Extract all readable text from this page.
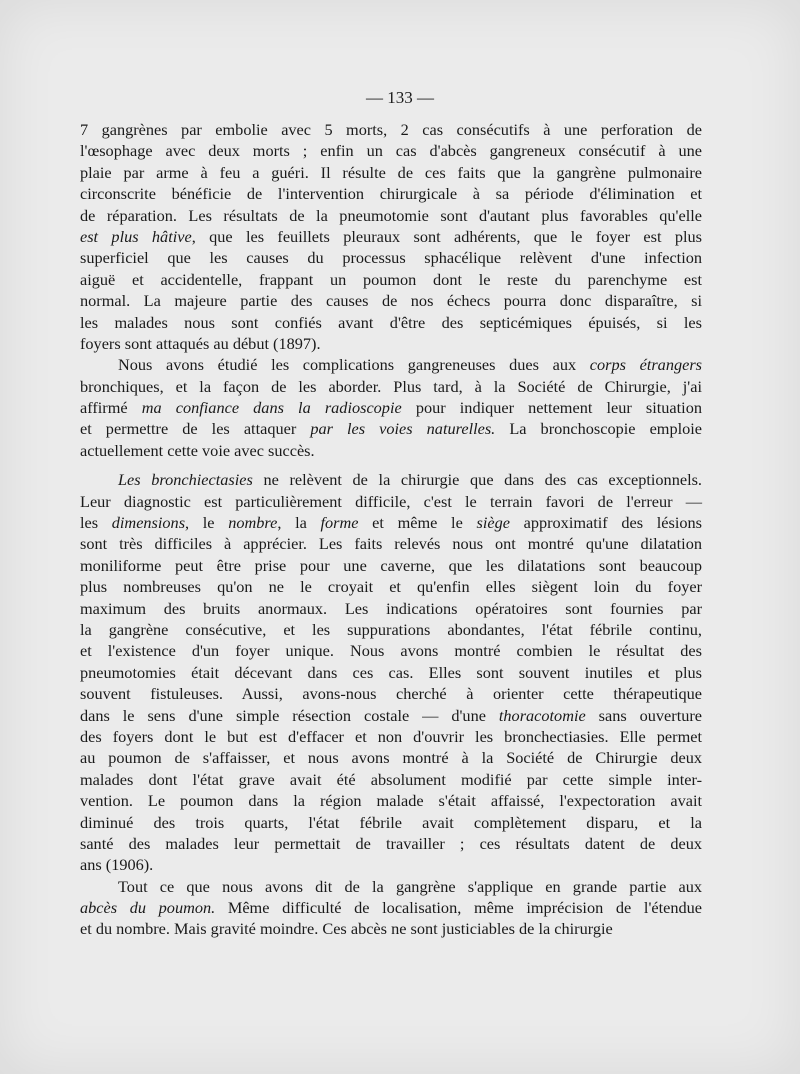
— 133 —
7 gangrènes par embolie avec 5 morts, 2 cas consécutifs à une perforation de
l'œsophage avec deux morts ; enfin un cas d'abcès gangreneux consécutif à une
plaie par arme à feu a guéri. Il résulte de ces faits que la gangrène pulmonaire
circonscrite bénéficie de l'intervention chirurgicale à sa période d'élimination et
de réparation. Les résultats de la pneumotomie sont d'autant plus favorables qu'elle
est plus hâtive, que les feuillets pleuraux sont adhérents, que le foyer est plus
superficiel que les causes du processus sphacélique relèvent d'une infection
aiguë et accidentelle, frappant un poumon dont le reste du parenchyme est
normal. La majeure partie des causes de nos échecs pourra donc disparaître, si
les malades nous sont confiés avant d'être des septicémiques épuisés, si les
foyers sont attaqués au début (1897).
Nous avons étudié les complications gangreneuses dues aux corps étrangers
bronchiques, et la façon de les aborder. Plus tard, à la Société de Chirurgie, j'ai
affirmé ma confiance dans la radioscopie pour indiquer nettement leur situation
et permettre de les attaquer par les voies naturelles. La bronchoscopie emploie
actuellement cette voie avec succès.
Les bronchiectasies ne relèvent de la chirurgie que dans des cas exceptionnels.
Leur diagnostic est particulièrement difficile, c'est le terrain favori de l'erreur —
les dimensions, le nombre, la forme et même le siège approximatif des lésions
sont très difficiles à apprécier. Les faits relevés nous ont montré qu'une dilatation
moniliforme peut être prise pour une caverne, que les dilatations sont beaucoup
plus nombreuses qu'on ne le croyait et qu'enfin elles siègent loin du foyer
maximum des bruits anormaux. Les indications opératoires sont fournies par
la gangrène consécutive, et les suppurations abondantes, l'état fébrile continu,
et l'existence d'un foyer unique. Nous avons montré combien le résultat des
pneumotomies était décevant dans ces cas. Elles sont souvent inutiles et plus
souvent fistuleuses. Aussi, avons-nous cherché à orienter cette thérapeutique
dans le sens d'une simple résection costale — d'une thoracotomie sans ouverture
des foyers dont le but est d'effacer et non d'ouvrir les bronchectiasies. Elle permet
au poumon de s'affaisser, et nous avons montré à la Société de Chirurgie deux
malades dont l'état grave avait été absolument modifié par cette simple inter-
vention. Le poumon dans la région malade s'était affaissé, l'expectoration avait
diminué des trois quarts, l'état fébrile avait complètement disparu, et la
santé des malades leur permettait de travailler ; ces résultats datent de deux
ans (1906).
Tout ce que nous avons dit de la gangrène s'applique en grande partie aux
abcès du poumon. Même difficulté de localisation, même imprécision de l'étendue
et du nombre. Mais gravité moindre. Ces abcès ne sont justiciables de la chirurgie
